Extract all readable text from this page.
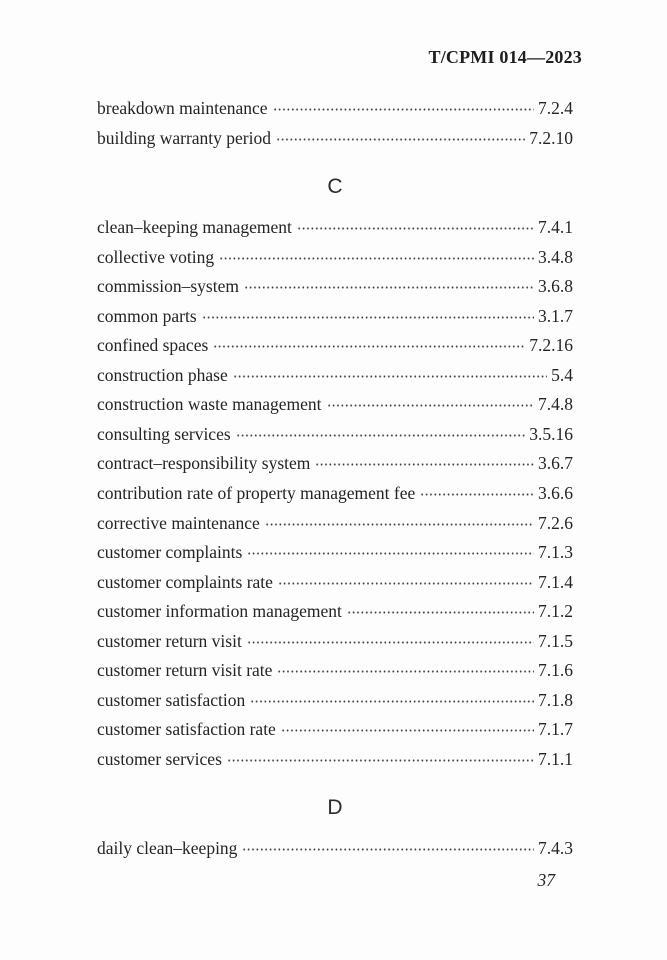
T/CPMI 014—2023
breakdown maintenance	7.2.4
building warranty period	7.2.10
C
clean–keeping management	7.4.1
collective voting	3.4.8
commission–system	3.6.8
common parts	3.1.7
confined spaces	7.2.16
construction phase	5.4
construction waste management	7.4.8
consulting services	3.5.16
contract–responsibility system	3.6.7
contribution rate of property management fee	3.6.6
corrective maintenance	7.2.6
customer complaints	7.1.3
customer complaints rate	7.1.4
customer information management	7.1.2
customer return visit	7.1.5
customer return visit rate	7.1.6
customer satisfaction	7.1.8
customer satisfaction rate	7.1.7
customer services	7.1.1
D
daily clean–keeping	7.4.3
37
